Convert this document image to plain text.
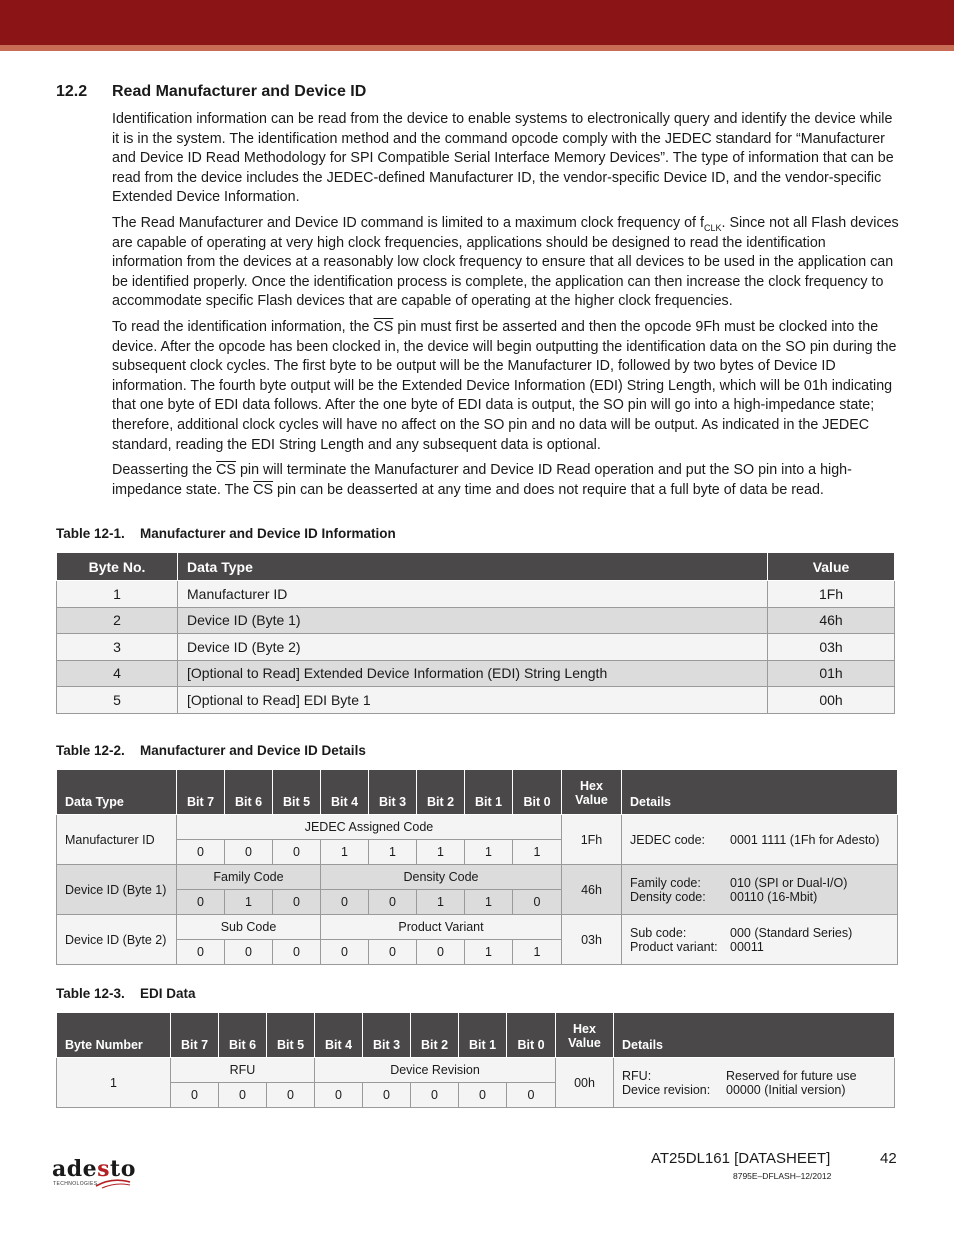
12.2 Read Manufacturer and Device ID

Identification information can be read from the device to enable systems to electronically query and identify the device while it is in the system. The identification method and the command opcode comply with the JEDEC standard for “Manufacturer and Device ID Read Methodology for SPI Compatible Serial Interface Memory Devices”. The type of information that can be read from the device includes the JEDEC-defined Manufacturer ID, the vendor-specific Device ID, and the vendor-specific Extended Device Information.

The Read Manufacturer and Device ID command is limited to a maximum clock frequency of $f_{CLK}$. Since not all Flash devices are capable of operating at very high clock frequencies, applications should be designed to read the identification information from the devices at a reasonably low clock frequency to ensure that all devices to be used in the application can be identified properly. Once the identification process is complete, the application can then increase the clock frequency to accommodate specific Flash devices that are capable of operating at the higher clock frequencies.

To read the identification information, the $\overline{CS}$ pin must first be asserted and then the opcode 9Fh must be clocked into the device. After the opcode has been clocked in, the device will begin outputting the identification data on the SO pin during the subsequent clock cycles. The first byte to be output will be the Manufacturer ID, followed by two bytes of Device ID information. The fourth byte output will be the Extended Device Information (EDI) String Length, which will be 01h indicating that one byte of EDI data follows. After the one byte of EDI data is output, the SO pin will go into a high-impedance state; therefore, additional clock cycles will have no affect on the SO pin and no data will be output. As indicated in the JEDEC standard, reading the EDI String Length and any subsequent data is optional.

Deasserting the $\overline{CS}$ pin will terminate the Manufacturer and Device ID Read operation and put the SO pin into a high-impedance state. The $\overline{CS}$ pin can be deasserted at any time and does not require that a full byte of data be read.

Table 12-1. Manufacturer and Device ID Information
Byte No.	Data Type	Value
1	Manufacturer ID	1Fh
2	Device ID (Byte 1)	46h
3	Device ID (Byte 2)	03h
4	[Optional to Read] Extended Device Information (EDI) String Length	01h
5	[Optional to Read] EDI Byte 1	00h
Table 12-2. Manufacturer and Device ID Details
Data Type	Bit 7	Bit 6	Bit 5	Bit 4	Bit 3	Bit 2	Bit 1	Bit 0	Hex Value	Details
Manufacturer ID	JEDEC Assigned Code								1Fh	JEDEC code: 0001 1111 (1Fh for Adesto)
	0	0	0	1	1	1	1	1		
Device ID (Byte 1)	Family Code			Density Code					46h	Family code: 010 (SPI or Dual-I/O)
Density code: 00110 (16-Mbit)
	0	1	0	0	0	1	1	0		
Device ID (Byte 2)	Sub Code			Product Variant					03h	Sub code: 000 (Standard Series)
Product variant: 00011
	0	0	0	0	0	0	1	1		
Table 12-3. EDI Data
Byte Number	Bit 7	Bit 6	Bit 5	Bit 4	Bit 3	Bit 2	Bit 1	Bit 0	Hex Value	Details
1	RFU			Device Revision					00h	RFU: Reserved for future use
Device revision: 00000 (Initial version)
	0	0	0	0	0	0	0	0		
adesto
TECHNOLOGIES
AT25DL161 [DATASHEET]	42
8795E–DFLASH–12/2012
